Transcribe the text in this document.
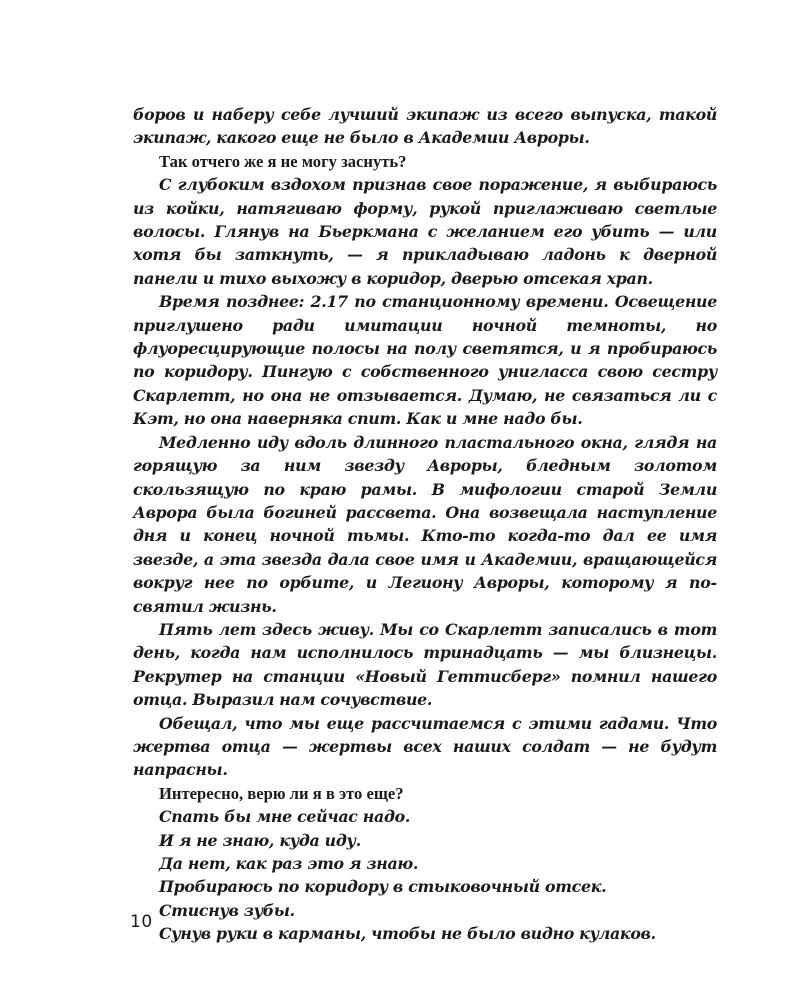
боров и наберу себе лучший экипаж из всего выпуска, такой экипаж, какого еще не было в Академии Авроры.

Так отчего же я не могу заснуть?

С глубоким вздохом признав свое поражение, я выбираюсь из койки, натягиваю форму, рукой приглаживаю светлые волосы. Глянув на Бьеркмана с желанием его убить — или хотя бы заткнуть, — я прикладываю ладонь к дверной панели и тихо выхожу в коридор, дверью отсекая храп.

Время позднее: 2.17 по станционному времени. Освещение приглушено ради имитации ночной темноты, но флуоресцирующие полосы на полу светятся, и я пробираюсь по коридору. Пингую с собственного униглаcса свою сестру Скарлетт, но она не отзывается. Думаю, не связаться ли с Кэт, но она наверняка спит. Как и мне надо бы.

Медленно иду вдоль длинного пластального окна, глядя на горящую за ним звезду Авроры, бледным золотом скользящую по краю рамы. В мифологии старой Земли Аврора была богиней рассвета. Она возвещала наступление дня и конец ночной тьмы. Кто-то когда-то дал ее имя звезде, а эта звезда дала свое имя и Академии, вращающейся вокруг нее по орбите, и Легиону Авроры, которому я посвятил жизнь.

Пять лет здесь живу. Мы со Скарлетт записались в тот день, когда нам исполнилось тринадцать — мы близнецы. Рекрутер на станции «Новый Геттисберг» помнил нашего отца. Выразил нам сочувствие.

Обещал, что мы еще рассчитаемся с этими гадами. Что жертва отца — жертвы всех наших солдат — не будут напрасны.

Интересно, верю ли я в это еще?

Спать бы мне сейчас надо.

И я не знаю, куда иду.

Да нет, как раз это я знаю.

Пробираюсь по коридору в стыковочный отсек.

Стиснув зубы.

Сунув руки в карманы, чтобы не было видно кулаков.

10
